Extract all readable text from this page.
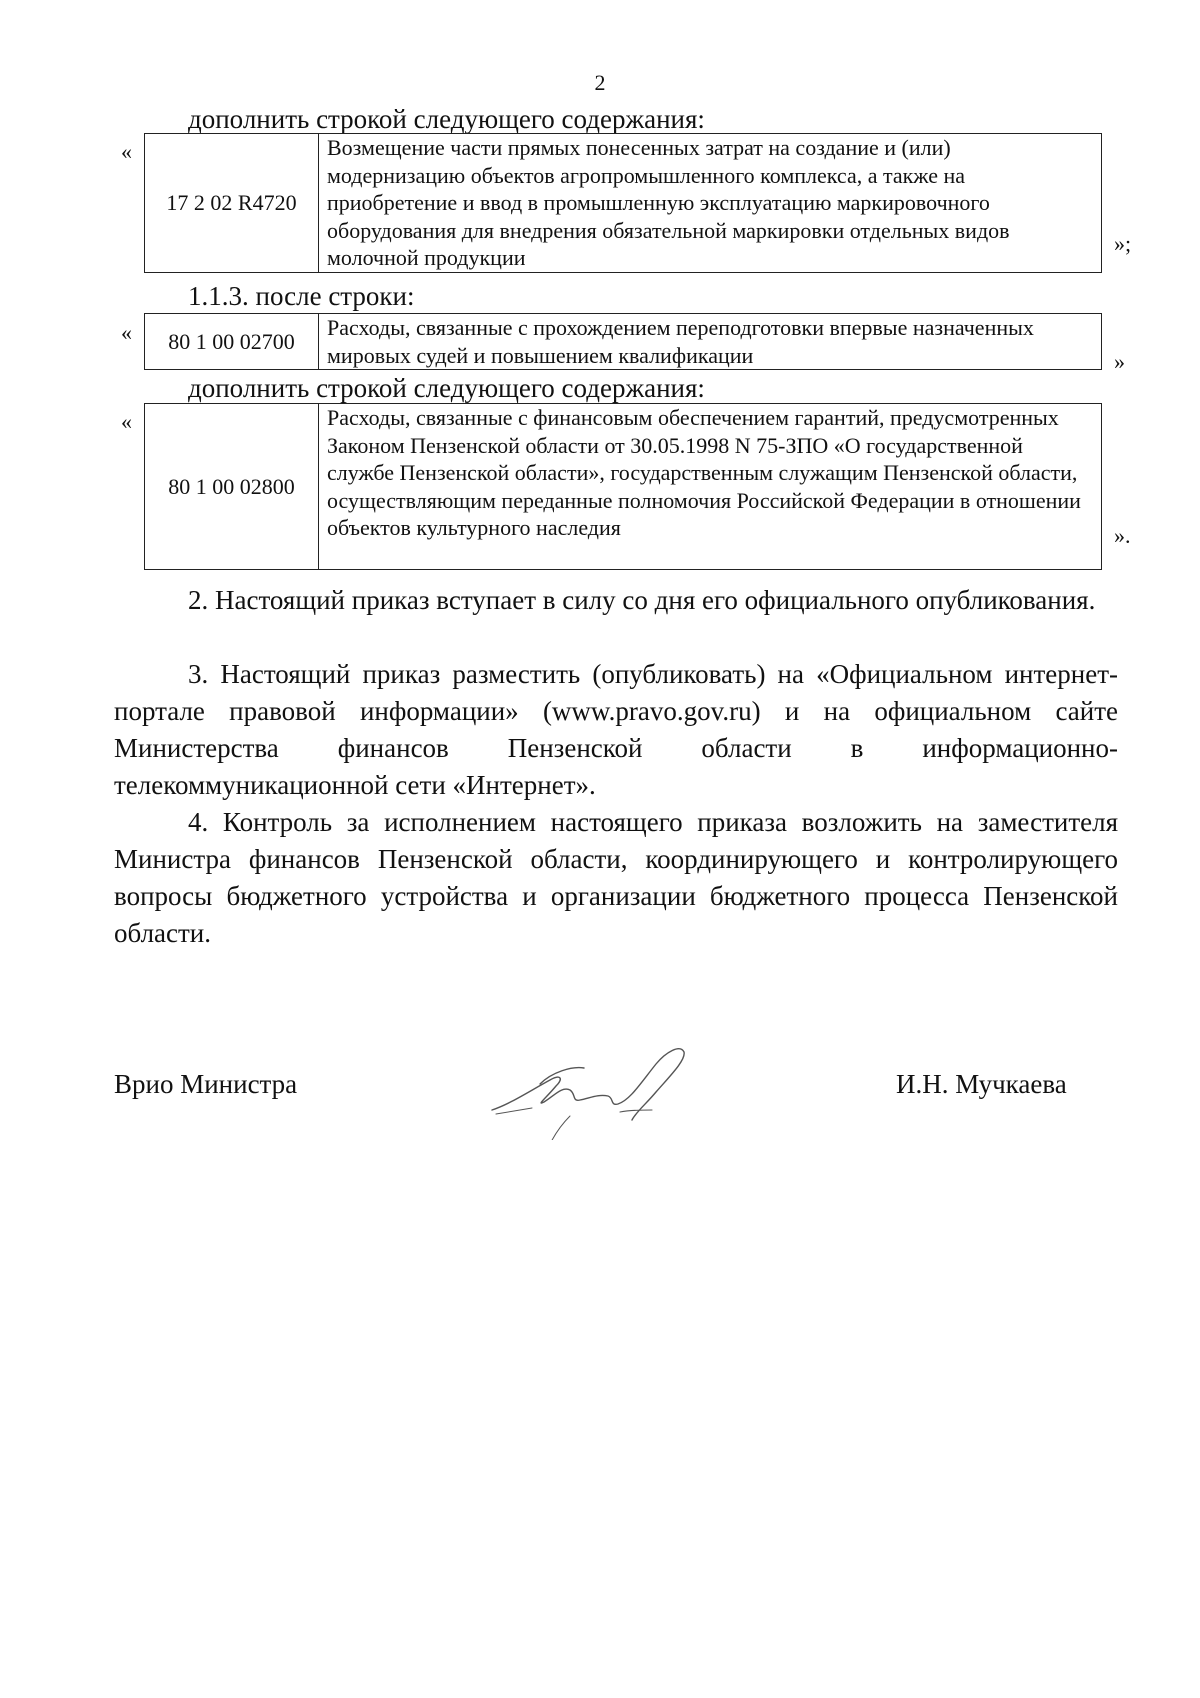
2
дополнить строкой следующего содержания:
«
17 2 02 R4720	Возмещение части прямых понесенных затрат на создание и (или) модернизацию объектов агропромышленного комплекса, а также на приобретение и ввод в промышленную эксплуатацию маркировочного оборудования для внедрения обязательной маркировки отдельных видов молочной продукции
»;
1.1.3. после строки:
« 80 1 00 02700	Расходы, связанные с прохождением переподготовки впервые назначенных мировых судей и повышением квалификации	»
дополнить строкой следующего содержания:
«
80 1 00 02800	Расходы, связанные с финансовым обеспечением гарантий, предусмотренных Законом Пензенской области от 30.05.1998 N 75-ЗПО «О государственной службе Пензенской области», государственным служащим Пензенской области, осуществляющим переданные полномочия Российской Федерации в отношении объектов культурного наследия	».
2. Настоящий приказ вступает в силу со дня его официального опубликования.
3. Настоящий приказ разместить (опубликовать) на «Официальном интернет-портале правовой информации» (www.pravo.gov.ru) и на официальном сайте Министерства финансов Пензенской области в информационно-телекоммуникационной сети «Интернет».
4. Контроль за исполнением настоящего приказа возложить на заместителя Министра финансов Пензенской области, координирующего и контролирующего вопросы бюджетного устройства и организации бюджетного процесса Пензенской области.
Врио Министра	И.Н. Мучкаева
